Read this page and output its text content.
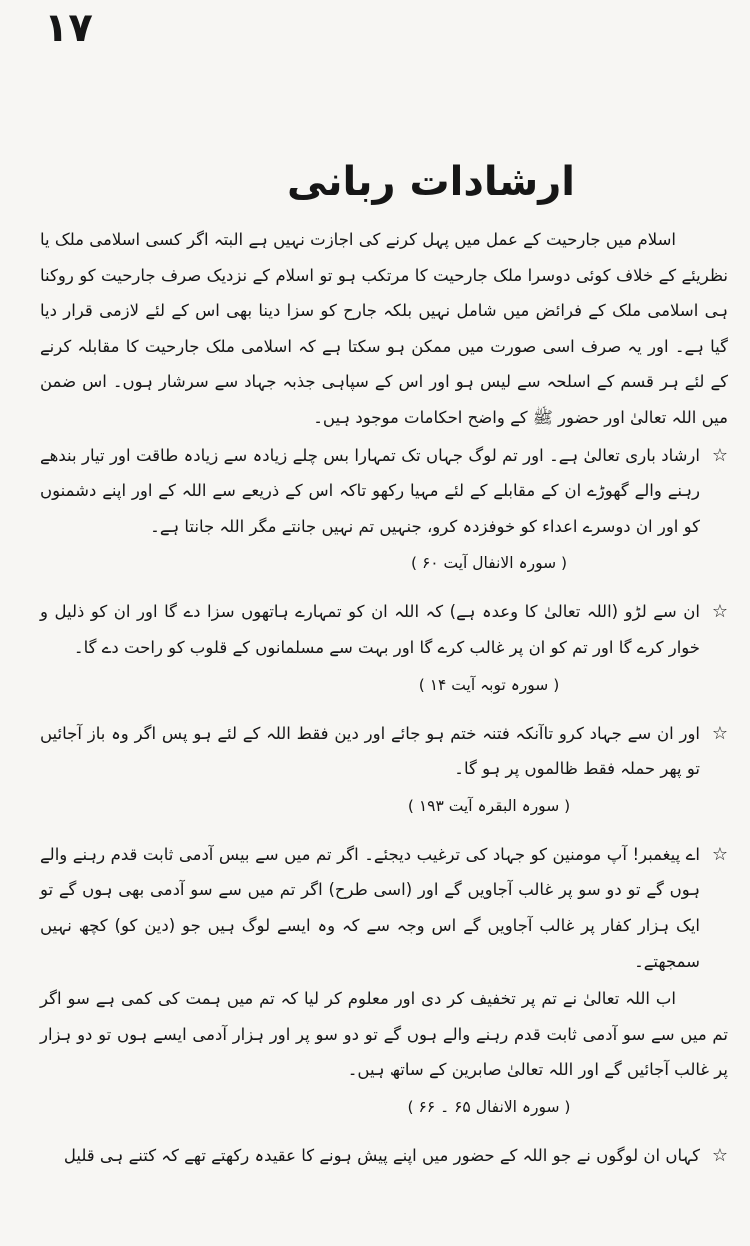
۱۷
ارشادات ربانی

اسلام میں جارحیت کے عمل میں پہل کرنے کی اجازت نہیں ہے البتہ اگر کسی اسلامی ملک یا نظریئے کے خلاف کوئی دوسرا ملک جارحیت کا مرتکب ہو تو اسلام کے نزدیک صرف جارحیت کو روکنا ہی اسلامی ملک کے فرائض میں شامل نہیں بلکہ جارح کو سزا دینا بھی اس کے لئے لازمی قرار دیا گیا ہے۔ اور یہ صرف اسی صورت میں ممکن ہو سکتا ہے کہ اسلامی ملک جارحیت کا مقابلہ کرنے کے لئے ہر قسم کے اسلحہ سے لیس ہو اور اس کے سپاہی جذبہ جہاد سے سرشار ہوں۔ اس ضمن میں اللہ تعالیٰ اور حضور ﷺ کے واضح احکامات موجود ہیں۔

☆
ارشاد باری تعالیٰ ہے۔ اور تم لوگ جہاں تک تمہارا بس چلے زیادہ سے زیادہ طاقت اور تیار بندھے رہنے والے گھوڑے ان کے مقابلے کے لئے مہیا رکھو تاکہ اس کے ذریعے سے اللہ کے اور اپنے دشمنوں کو اور ان دوسرے اعداء کو خوفزدہ کرو، جنہیں تم نہیں جانتے مگر اللہ جانتا ہے۔
( سورہ الانفال آیت ۶۰ )
☆
ان سے لڑو (اللہ تعالیٰ کا وعدہ ہے) کہ اللہ ان کو تمہارے ہاتھوں سزا دے گا اور ان کو ذلیل و خوار کرے گا اور تم کو ان پر غالب کرے گا اور بہت سے مسلمانوں کے قلوب کو راحت دے گا۔
( سورہ توبہ آیت ۱۴ )
☆
اور ان سے جہاد کرو تاآنکہ فتنہ ختم ہو جائے اور دین فقط اللہ کے لئے ہو پس اگر وہ باز آجائیں تو پھر حملہ فقط ظالموں پر ہو گا۔
( سورہ البقرہ آیت ۱۹۳ )
☆
اے پیغمبر! آپ مومنین کو جہاد کی ترغیب دیجئے۔ اگر تم میں سے بیس آدمی ثابت قدم رہنے والے ہوں گے تو دو سو پر غالب آجاویں گے اور (اسی طرح) اگر تم میں سے سو آدمی بھی ہوں گے تو ایک ہزار کفار پر غالب آجاویں گے اس وجہ سے کہ وہ ایسے لوگ ہیں جو (دین کو) کچھ نہیں سمجھتے۔

اب اللہ تعالیٰ نے تم پر تخفیف کر دی اور معلوم کر لیا کہ تم میں ہمت کی کمی ہے سو اگر تم میں سے سو آدمی ثابت قدم رہنے والے ہوں گے تو دو سو پر اور ہزار آدمی ایسے ہوں تو دو ہزار پر غالب آجائیں گے اور اللہ تعالیٰ صابرین کے ساتھ ہیں۔

( سورہ الانفال ۶۵ ۔ ۶۶ )
☆
کہاں ان لوگوں نے جو اللہ کے حضور میں اپنے پیش ہونے کا عقیدہ رکھتے تھے کہ کتنے ہی قلیل
